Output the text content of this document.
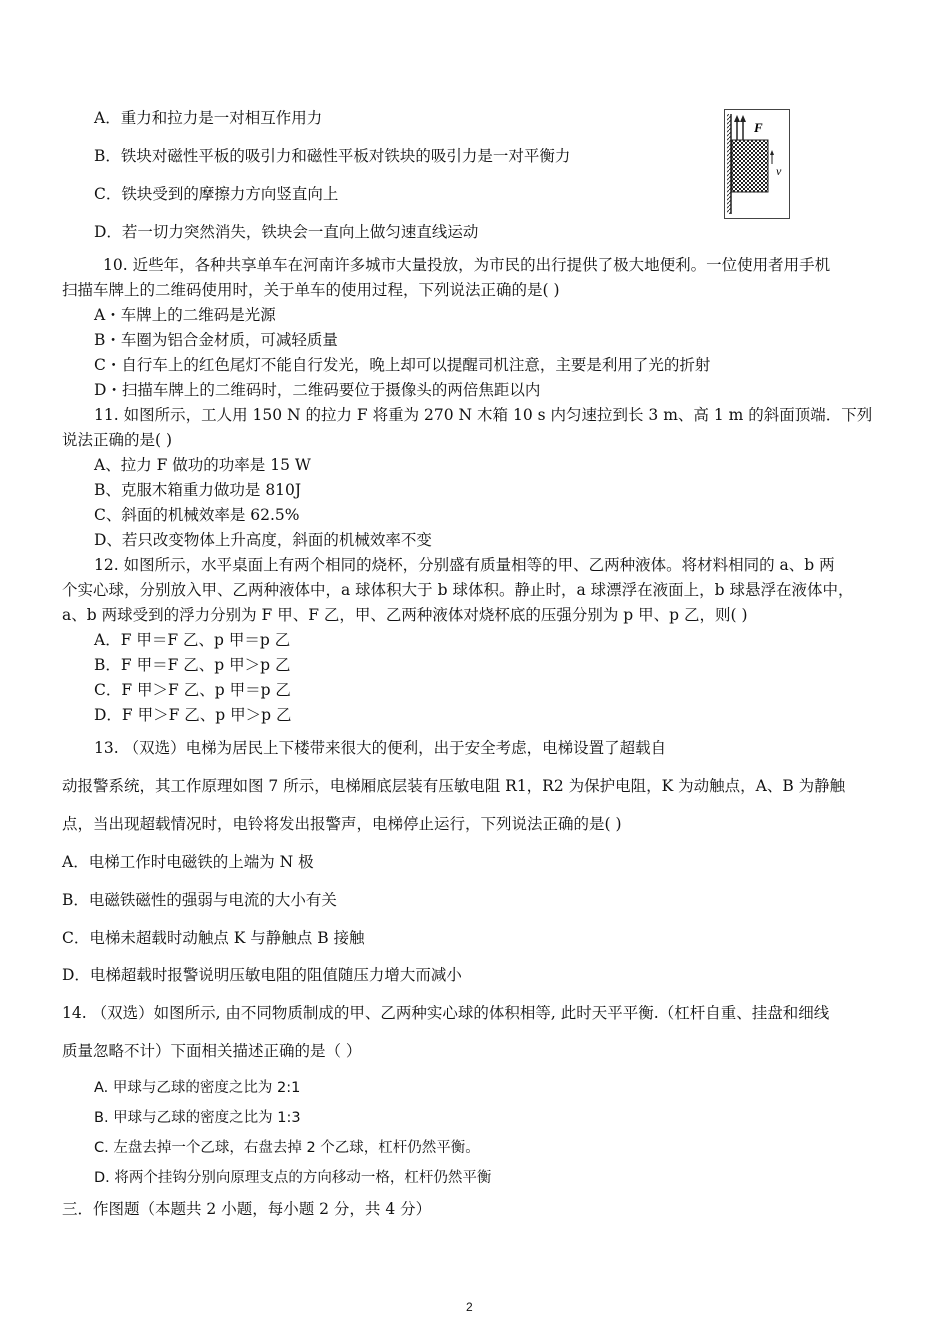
A．重力和拉力是一对相互作用力
B．铁块对磁性平板的吸引力和磁性平板对铁块的吸引力是一对平衡力
C．铁块受到的摩擦力方向竖直向上
D．若一切力突然消失，铁块会一直向上做匀速直线运动
F
v
10. 近些年，各种共享单车在河南许多城市大量投放，为市民的出行提供了极大地便利。一位使用者用手机
扫描车牌上的二维码使用时，关于单车的使用过程，下列说法正确的是( )
A・车牌上的二维码是光源
B・车圈为铝合金材质，可减轻质量
C・自行车上的红色尾灯不能自行发光，晚上却可以提醒司机注意，主要是利用了光的折射
D・扫描车牌上的二维码时，二维码要位于摄像头的两倍焦距以内
11. 如图所示，工人用 150 N 的拉力 F 将重为 270 N 木箱 10 s 内匀速拉到长 3 m、高 1 m 的斜面顶端．下列
说法正确的是( )
A、拉力 F 做功的功率是 15 W
B、克服木箱重力做功是 810J
C、斜面的机械效率是 62.5%
D、若只改变物体上升高度，斜面的机械效率不变
12. 如图所示，水平桌面上有两个相同的烧杯，分别盛有质量相等的甲、乙两种液体。将材料相同的 a、b 两
个实心球，分别放入甲、乙两种液体中，a 球体积大于 b 球体积。静止时，a 球漂浮在液面上，b 球悬浮在液体中，
a、b 两球受到的浮力分别为 F 甲、F 乙，甲、乙两种液体对烧杯底的压强分别为 p 甲、p 乙，则( )
A．F 甲＝F 乙、p 甲＝p 乙
B．F 甲＝F 乙、p 甲＞p 乙
C．F 甲＞F 乙、p 甲＝p 乙
D．F 甲＞F 乙、p 甲＞p 乙
13. （双选）电梯为居民上下楼带来很大的便利，出于安全考虑，电梯设置了超载自
动报警系统，其工作原理如图 7 所示，电梯厢底层装有压敏电阻 R1，R2 为保护电阻，K 为动触点，A、B 为静触
点，当出现超载情况时，电铃将发出报警声，电梯停止运行，下列说法正确的是( )
A．电梯工作时电磁铁的上端为 N 极
B．电磁铁磁性的强弱与电流的大小有关
C．电梯未超载时动触点 K 与静触点 B 接触
D．电梯超载时报警说明压敏电阻的阻值随压力增大而减小
14. （双选）如图所示, 由不同物质制成的甲、乙两种实心球的体积相等, 此时天平平衡.（杠杆自重、挂盘和细线
质量忽略不计）下面相关描述正确的是（ ）
A. 甲球与乙球的密度之比为 2:1
B. 甲球与乙球的密度之比为 1:3
C. 左盘去掉一个乙球，右盘去掉 2 个乙球，杠杆仍然平衡。
D. 将两个挂钩分别向原理支点的方向移动一格，杠杆仍然平衡
三．作图题（本题共 2 小题，每小题 2 分，共 4 分）
2
